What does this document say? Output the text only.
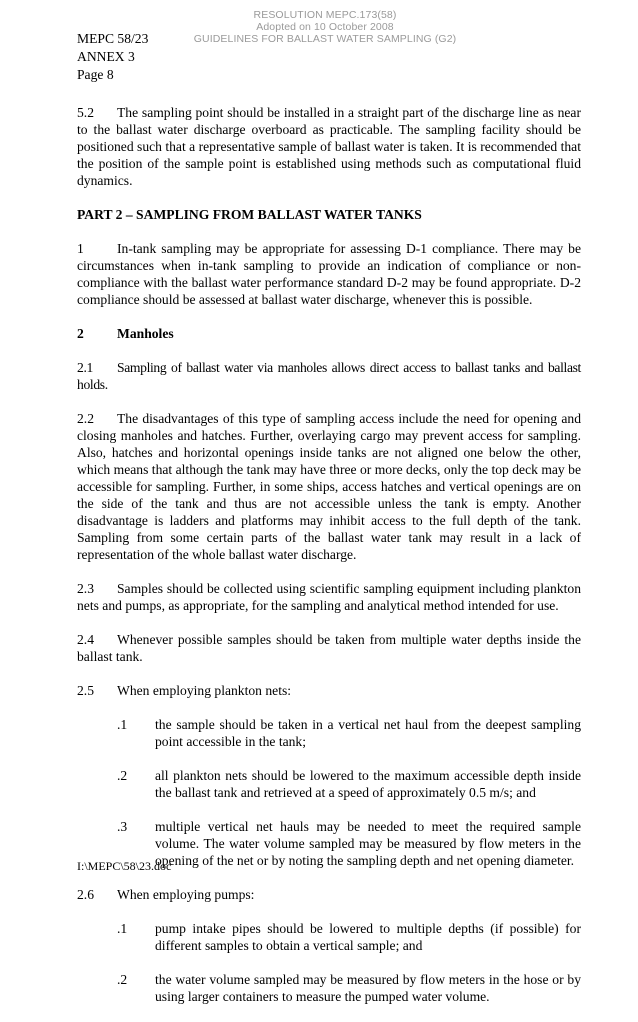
RESOLUTION MEPC.173(58)
Adopted on 10 October 2008
GUIDELINES FOR BALLAST WATER SAMPLING (G2)
MEPC 58/23
ANNEX 3
Page 8

5.2 The sampling point should be installed in a straight part of the discharge line as near to the ballast water discharge overboard as practicable. The sampling facility should be positioned such that a representative sample of ballast water is taken. It is recommended that the position of the sample point is established using methods such as computational fluid dynamics.

PART 2 – SAMPLING FROM BALLAST WATER TANKS

1 In-tank sampling may be appropriate for assessing D-1 compliance. There may be circumstances when in-tank sampling to provide an indication of compliance or non-compliance with the ballast water performance standard D-2 may be found appropriate. D-2 compliance should be assessed at ballast water discharge, whenever this is possible.

2 Manholes

2.1 Sampling of ballast water via manholes allows direct access to ballast tanks and ballast holds.

2.2 The disadvantages of this type of sampling access include the need for opening and closing manholes and hatches. Further, overlaying cargo may prevent access for sampling. Also, hatches and horizontal openings inside tanks are not aligned one below the other, which means that although the tank may have three or more decks, only the top deck may be accessible for sampling. Further, in some ships, access hatches and vertical openings are on the side of the tank and thus are not accessible unless the tank is empty. Another disadvantage is ladders and platforms may inhibit access to the full depth of the tank. Sampling from some certain parts of the ballast water tank may result in a lack of representation of the whole ballast water discharge.

2.3 Samples should be collected using scientific sampling equipment including plankton nets and pumps, as appropriate, for the sampling and analytical method intended for use.

2.4 Whenever possible samples should be taken from multiple water depths inside the ballast tank.

2.5	When employing plankton nets:
.1	the sample should be taken in a vertical net haul from the deepest sampling point accessible in the tank;
.2	all plankton nets should be lowered to the maximum accessible depth inside the ballast tank and retrieved at a speed of approximately 0.5 m/s; and
.3	multiple vertical net hauls may be needed to meet the required sample volume. The water volume sampled may be measured by flow meters in the opening of the net or by noting the sampling depth and net opening diameter.
2.6	When employing pumps:
.1	pump intake pipes should be lowered to multiple depths (if possible) for different samples to obtain a vertical sample; and
.2	the water volume sampled may be measured by flow meters in the hose or by using larger containers to measure the pumped water volume.
I:\MEPC\58\23.doc
